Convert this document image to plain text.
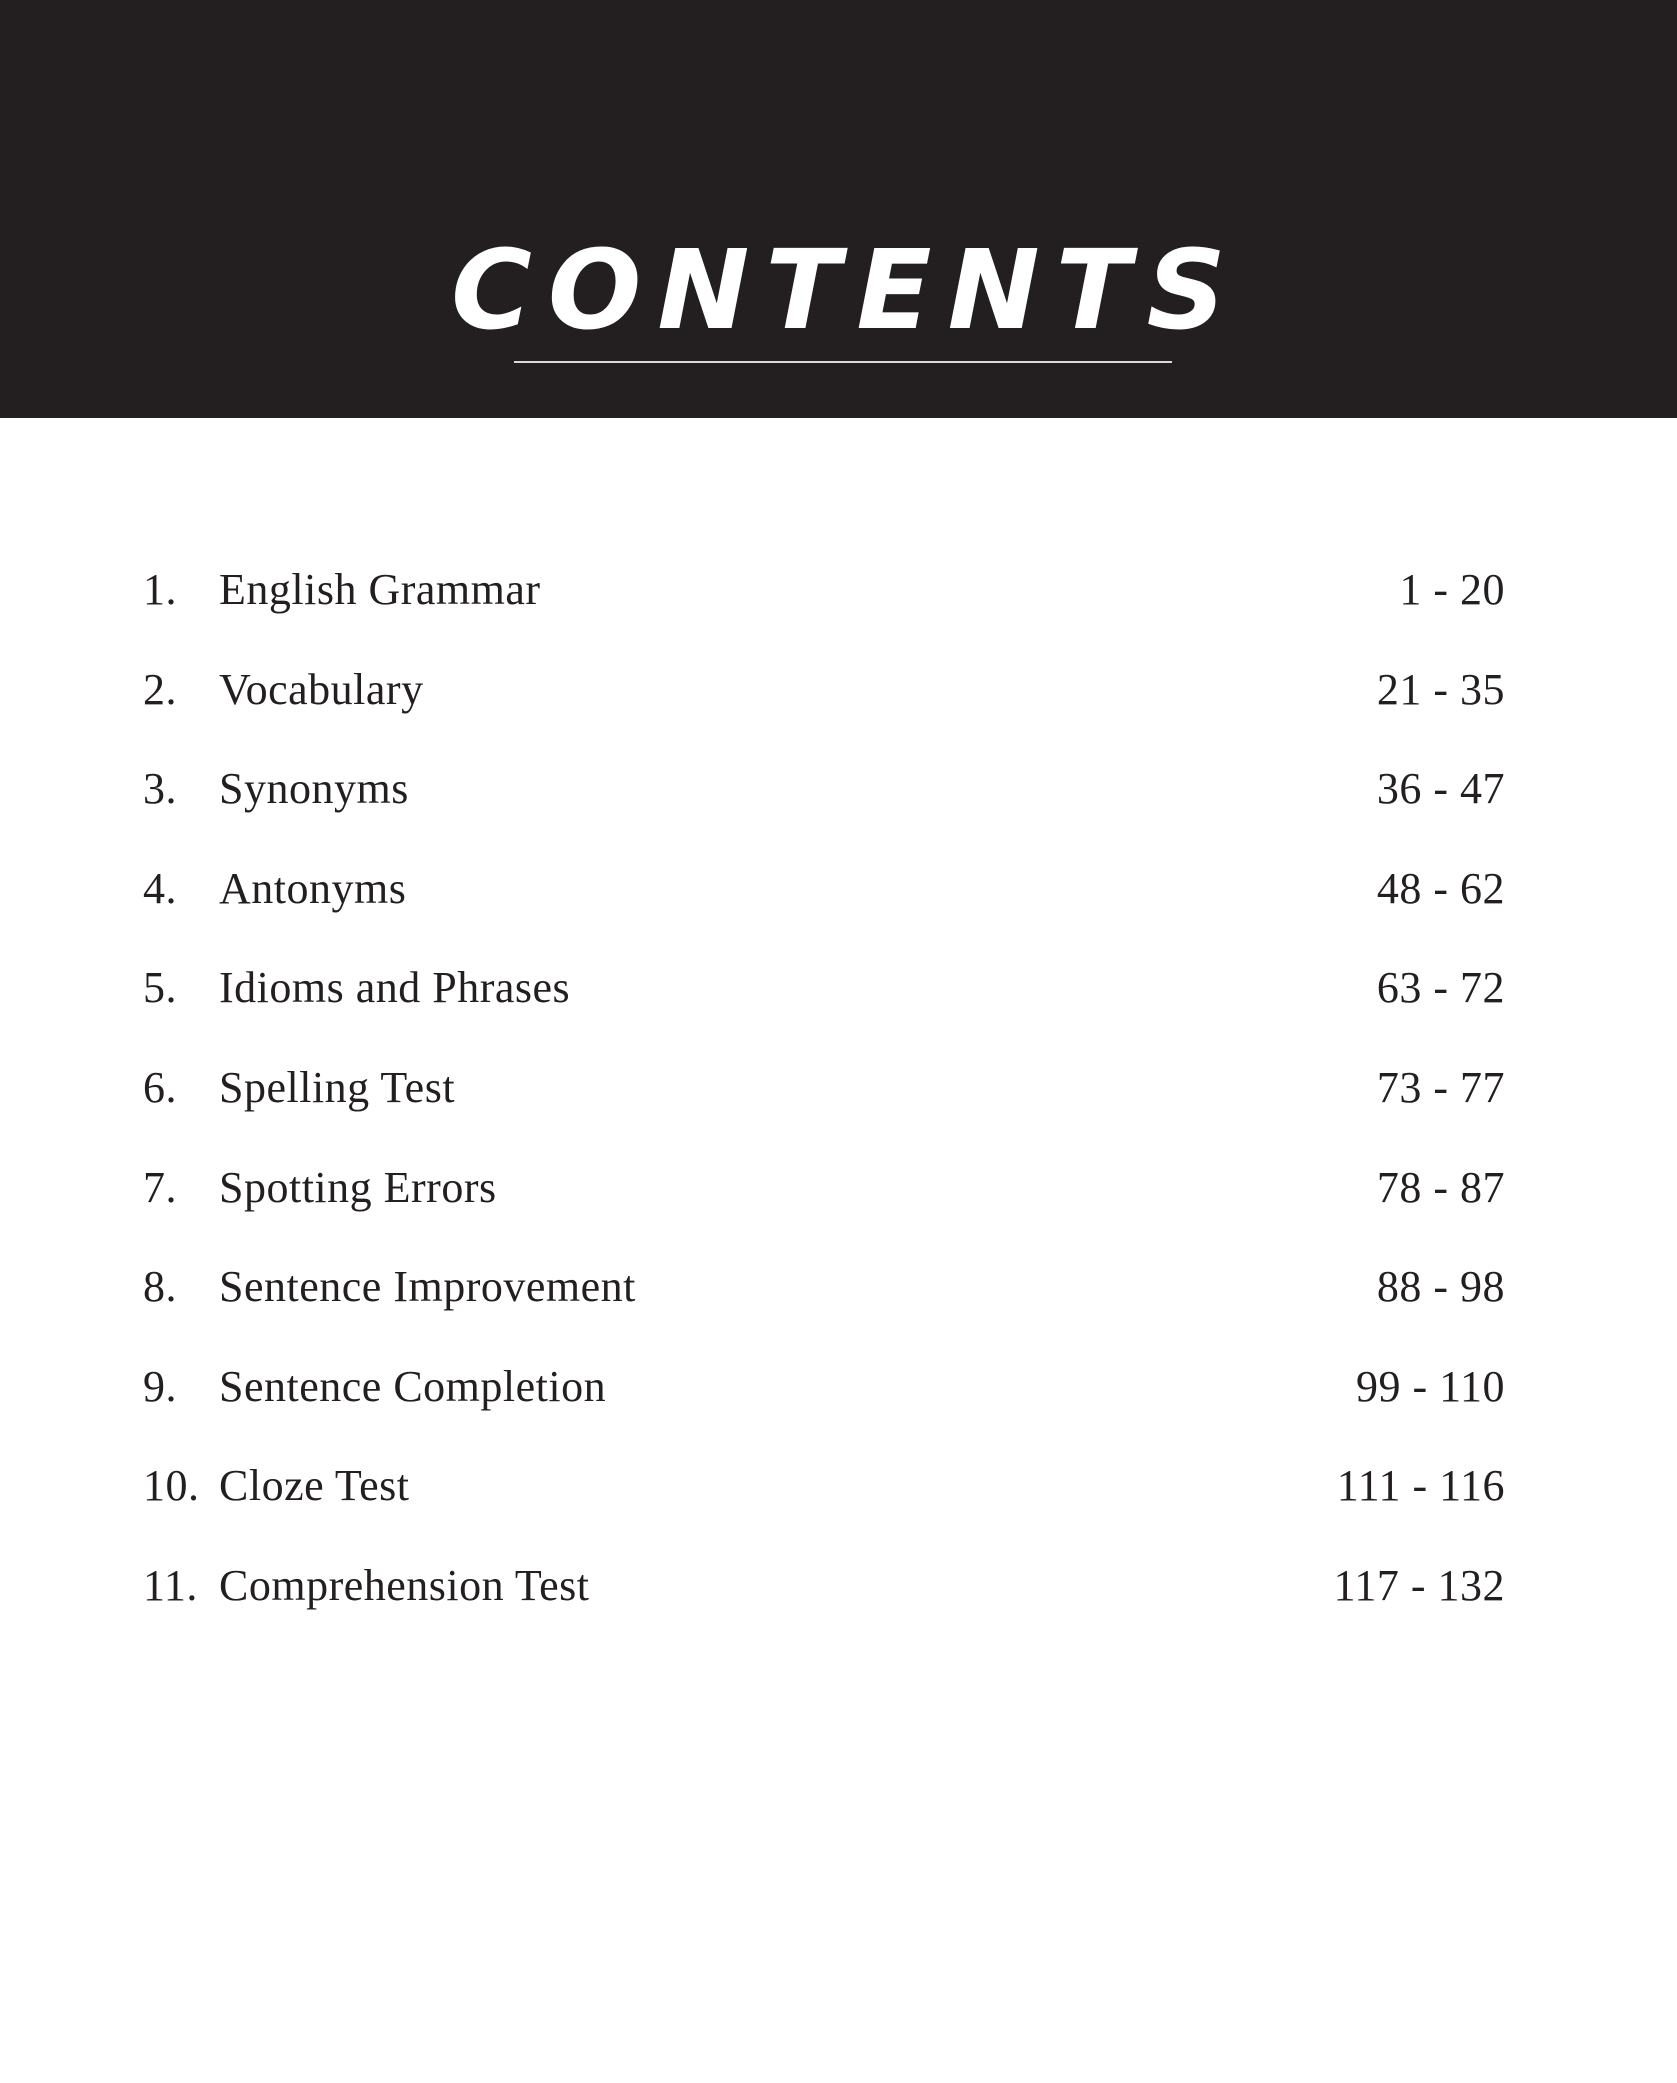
CONTENTS
1. English Grammar	1 - 20
2. Vocabulary	21 - 35
3. Synonyms	36 - 47
4. Antonyms	48 - 62
5. Idioms and Phrases	63 - 72
6. Spelling Test	73 - 77
7. Spotting Errors	78 - 87
8. Sentence Improvement	88 - 98
9. Sentence Completion	99 - 110
10. Cloze Test	111 - 116
11. Comprehension Test	117 - 132
